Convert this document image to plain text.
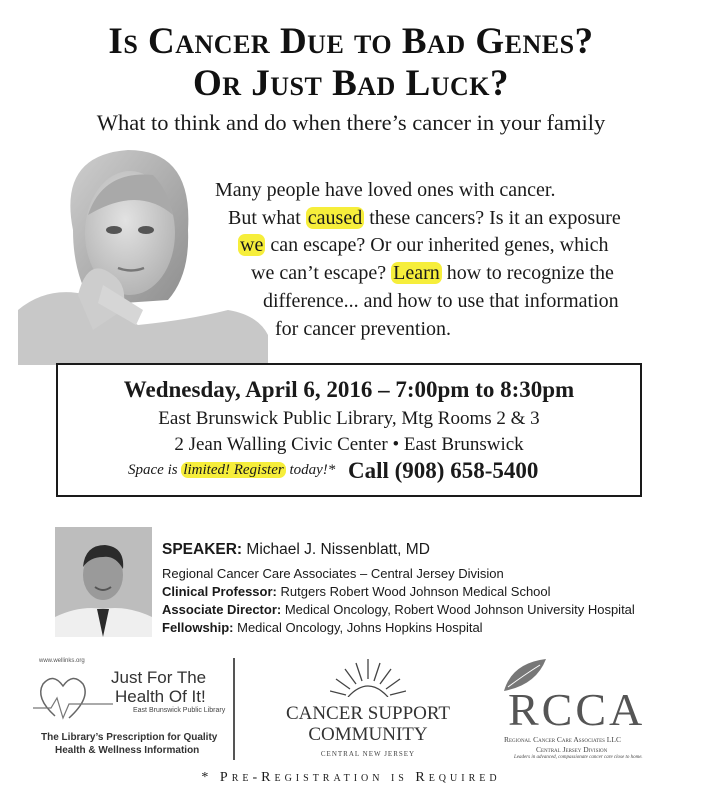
Is Cancer Due to Bad Genes?
Or Just Bad Luck?
What to think and do when there’s cancer in your family
Many people have loved ones with cancer.
But what caused these cancers? Is it an exposure
we can escape? Or our inherited genes, which
we can’t escape? Learn how to recognize the
difference... and how to use that information
for cancer prevention.
Wednesday, April 6, 2016 – 7:00pm to 8:30pm
East Brunswick Public Library, Mtg Rooms 2 & 3
2 Jean Walling Civic Center • East Brunswick
Space is limited! Register today!* Call (908) 658-5400
SPEAKER: Michael J. Nissenblatt, MD
Regional Cancer Care Associates – Central Jersey Division
Clinical Professor: Rutgers Robert Wood Johnson Medical School
Associate Director: Medical Oncology, Robert Wood Johnson University Hospital
Fellowship: Medical Oncology, Johns Hopkins Hospital
www.wellinks.org
Just For The
Health Of It!
East Brunswick Public Library
The Library’s Prescription for Quality
Health & Wellness Information
CANCER SUPPORT
COMMUNITY
CENTRAL NEW JERSEY
RCCA
Regional Cancer Care Associates LLC
Central Jersey Division
Leaders in advanced, compassionate cancer care close to home.
* Pre-Registration is Required
